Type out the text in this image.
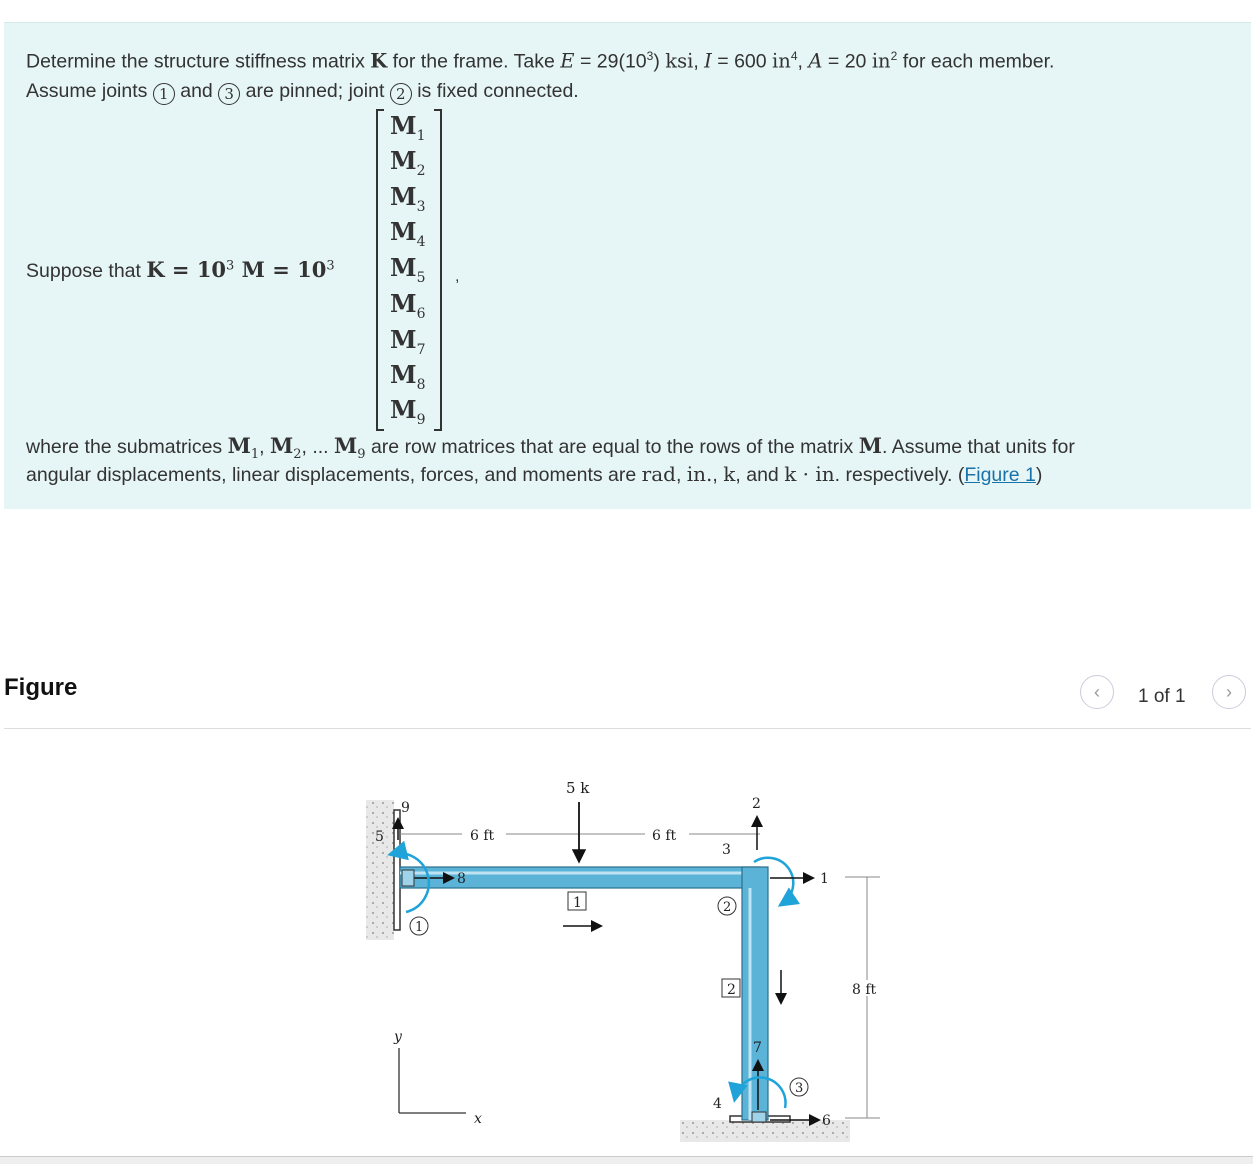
Determine the structure stiffness matrix K for the frame. Take $E = 29(10^3)$ ksi, I = 600 $in^4$, A = 20 $in^2$ for each member.
Assume joints 1 and 3 are pinned; joint 2 is fixed connected.
Suppose that $K = 10^3$ $M = 10^3$
$M_1$
$M_2$
$M_3$
$M_4$
$M_5$
$M_6$
$M_7$
$M_8$
$M_9$
,
where the submatrices $M_1$, $M_2$, ... $M_9$ are row matrices that are equal to the rows of the matrix M. Assume that units for
angular displacements, linear displacements, forces, and moments are rad, in., k, and k · in. respectively. (Figure 1)
Figure	‹	1 of 1	›
6 ft	6 ft
8 ft
5 k
1
2
1
2
3
9
5
8
2
3
1
7
4
6
y
x
